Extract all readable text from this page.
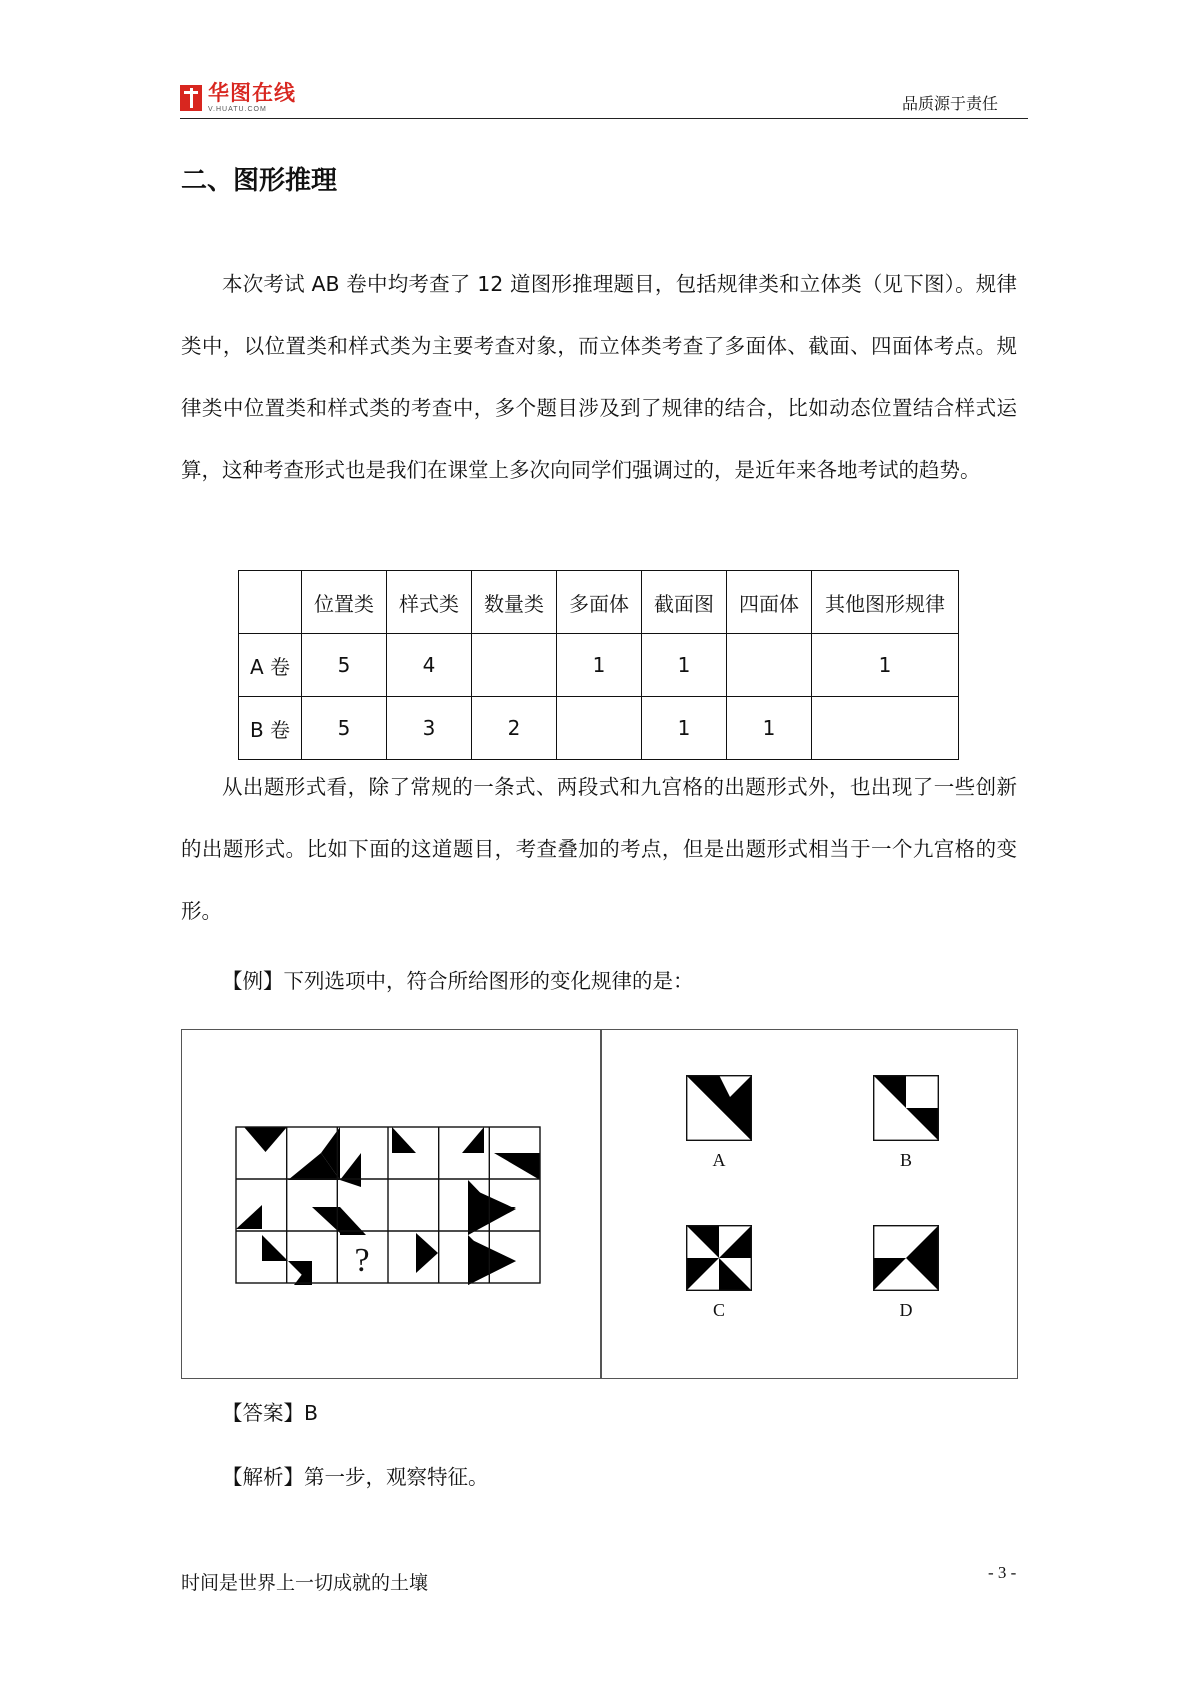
华图在线
V.HUATU.COM	品质源于责任
二、图形推理

本次考试 AB 卷中均考查了 12 道图形推理题目，包括规律类和立体类（见下图）。规律类中，以位置类和样式类为主要考查对象，而立体类考查了多面体、截面、四面体考点。规律类中位置类和样式类的考查中，多个题目涉及到了规律的结合，比如动态位置结合样式运算，这种考查形式也是我们在课堂上多次向同学们强调过的，是近年来各地考试的趋势。

	位置类	样式类	数量类	多面体	截面图	四面体	其他图形规律
A 卷	5	4		1	1		1
B 卷	5	3	2		1	1	

从出题形式看，除了常规的一条式、两段式和九宫格的出题形式外，也出现了一些创新的出题形式。比如下面的这道题目，考查叠加的考点，但是出题形式相当于一个九宫格的变形。

【例】下列选项中，符合所给图形的变化规律的是：

?
A	B
C	D

【答案】B

【解析】第一步，观察特征。

时间是世界上一切成就的土壤	- 3 -
